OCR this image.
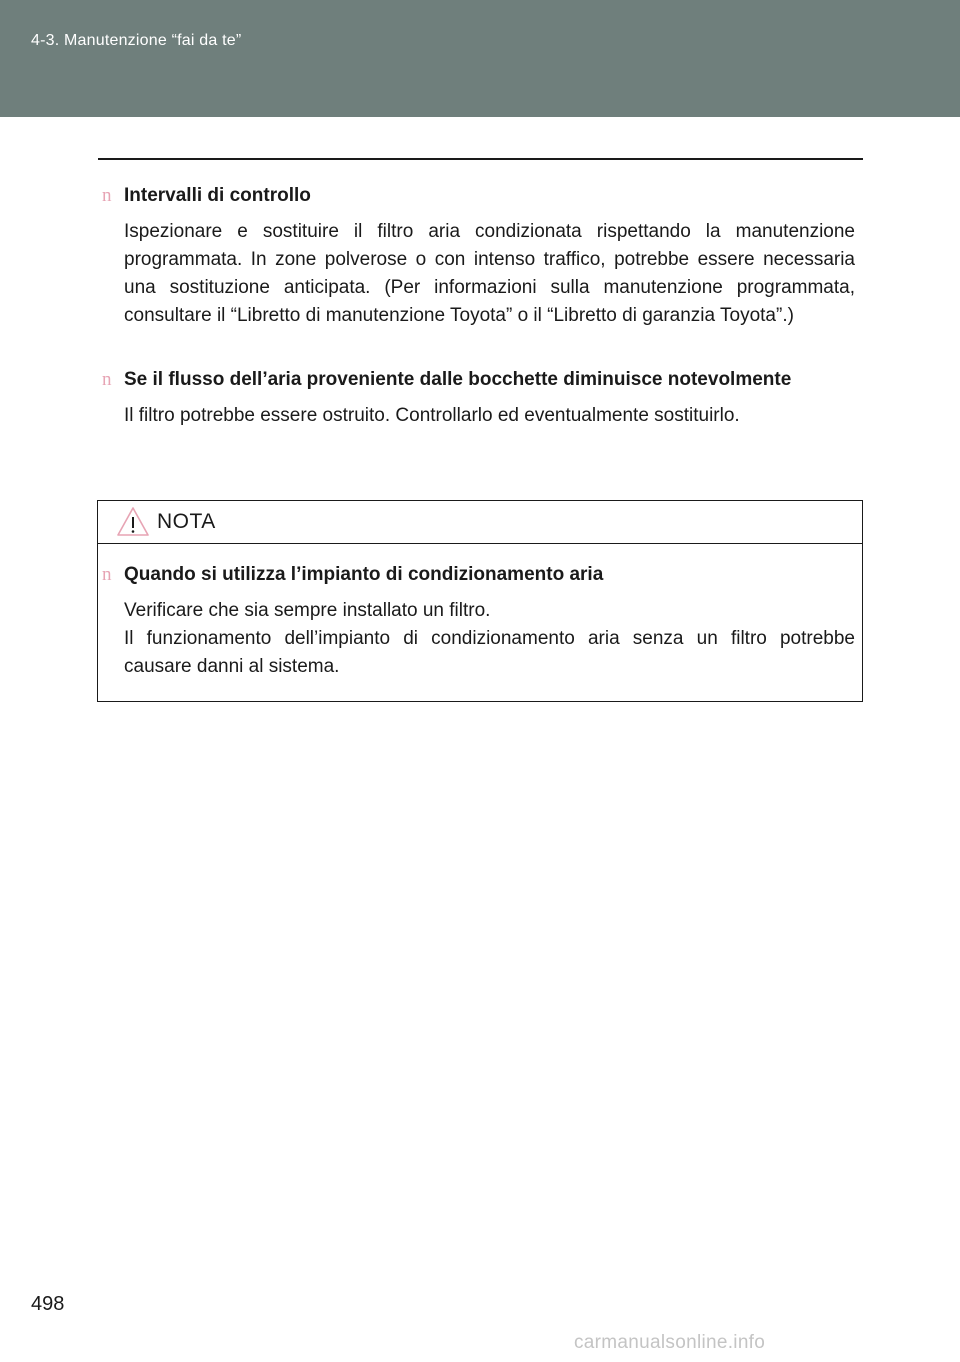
4-3. Manutenzione “fai da te”
n Intervalli di controllo
Ispezionare e sostituire il filtro aria condizionata rispettando la manutenzione programmata. In zone polverose o con intenso traffico, potrebbe essere necessaria una sostituzione anticipata. (Per informazioni sulla manutenzione programmata, consultare il “Libretto di manutenzione Toyota” o il “Libretto di garanzia Toyota”.)
n Se il flusso dell’aria proveniente dalle bocchette diminuisce notevolmente
Il filtro potrebbe essere ostruito. Controllarlo ed eventualmente sostituirlo.
NOTA
n Quando si utilizza l’impianto di condizionamento aria
Verificare che sia sempre installato un filtro.
Il funzionamento dell’impianto di condizionamento aria senza un filtro potrebbe causare danni al sistema.
498
carmanualsonline.info
